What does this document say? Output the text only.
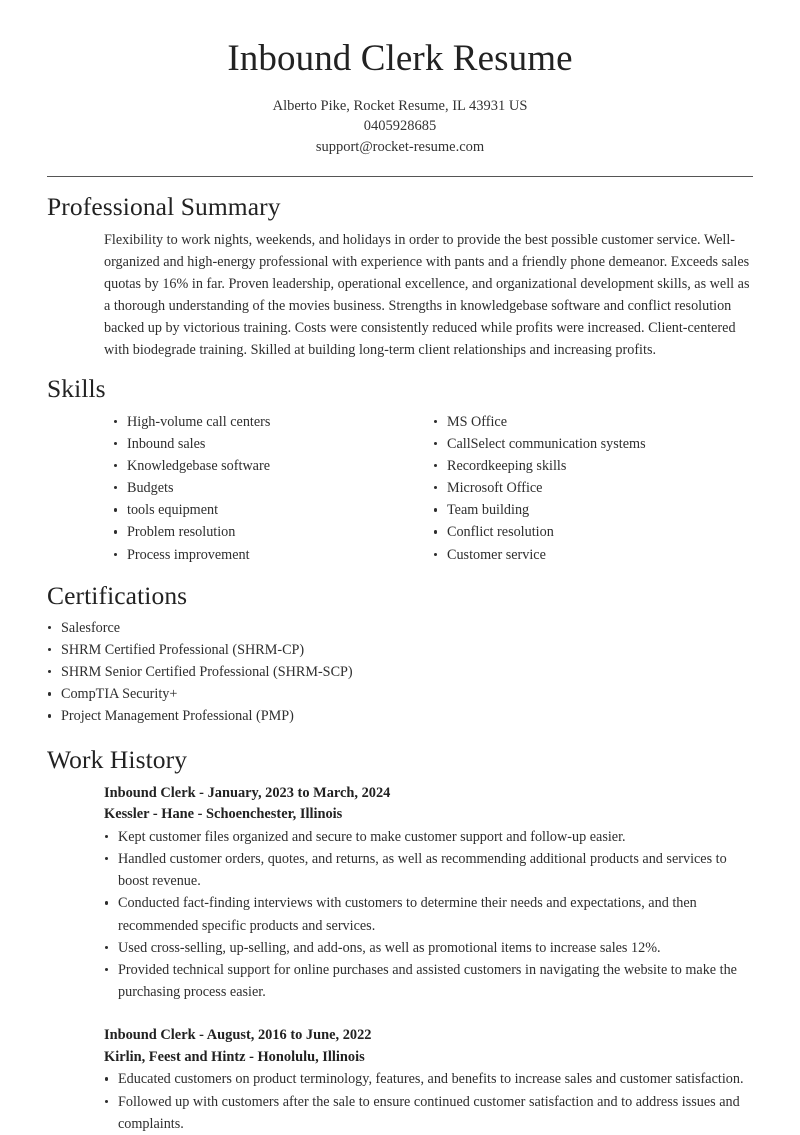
Inbound Clerk Resume
Alberto Pike, Rocket Resume, IL 43931 US
0405928685
support@rocket-resume.com
Professional Summary

Flexibility to work nights, weekends, and holidays in order to provide the best possible customer service. Well-organized and high-energy professional with experience with pants and a friendly phone demeanor. Exceeds sales quotas by 16% in far. Proven leadership, operational excellence, and organizational development skills, as well as a thorough understanding of the movies business. Strengths in knowledgebase software and conflict resolution backed up by victorious training. Costs were consistently reduced while profits were increased. Client-centered with biodegrade training. Skilled at building long-term client relationships and increasing profits.

Skills
High-volume call centers
Inbound sales
Knowledgebase software
Budgets
tools equipment
Problem resolution
Process improvement
MS Office
CallSelect communication systems
Recordkeeping skills
Microsoft Office
Team building
Conflict resolution
Customer service
Certifications
Salesforce
SHRM Certified Professional (SHRM-CP)
SHRM Senior Certified Professional (SHRM-SCP)
CompTIA Security+
Project Management Professional (PMP)
Work History
Inbound Clerk - January, 2023 to March, 2024
Kessler - Hane - Schoenchester, Illinois
Kept customer files organized and secure to make customer support and follow-up easier.
Handled customer orders, quotes, and returns, as well as recommending additional products and services to boost revenue.
Conducted fact-finding interviews with customers to determine their needs and expectations, and then recommended specific products and services.
Used cross-selling, up-selling, and add-ons, as well as promotional items to increase sales 12%.
Provided technical support for online purchases and assisted customers in navigating the website to make the purchasing process easier.
Inbound Clerk - August, 2016 to June, 2022
Kirlin, Feest and Hintz - Honolulu, Illinois
Educated customers on product terminology, features, and benefits to increase sales and customer satisfaction.
Followed up with customers after the sale to ensure continued customer satisfaction and to address issues and complaints.
